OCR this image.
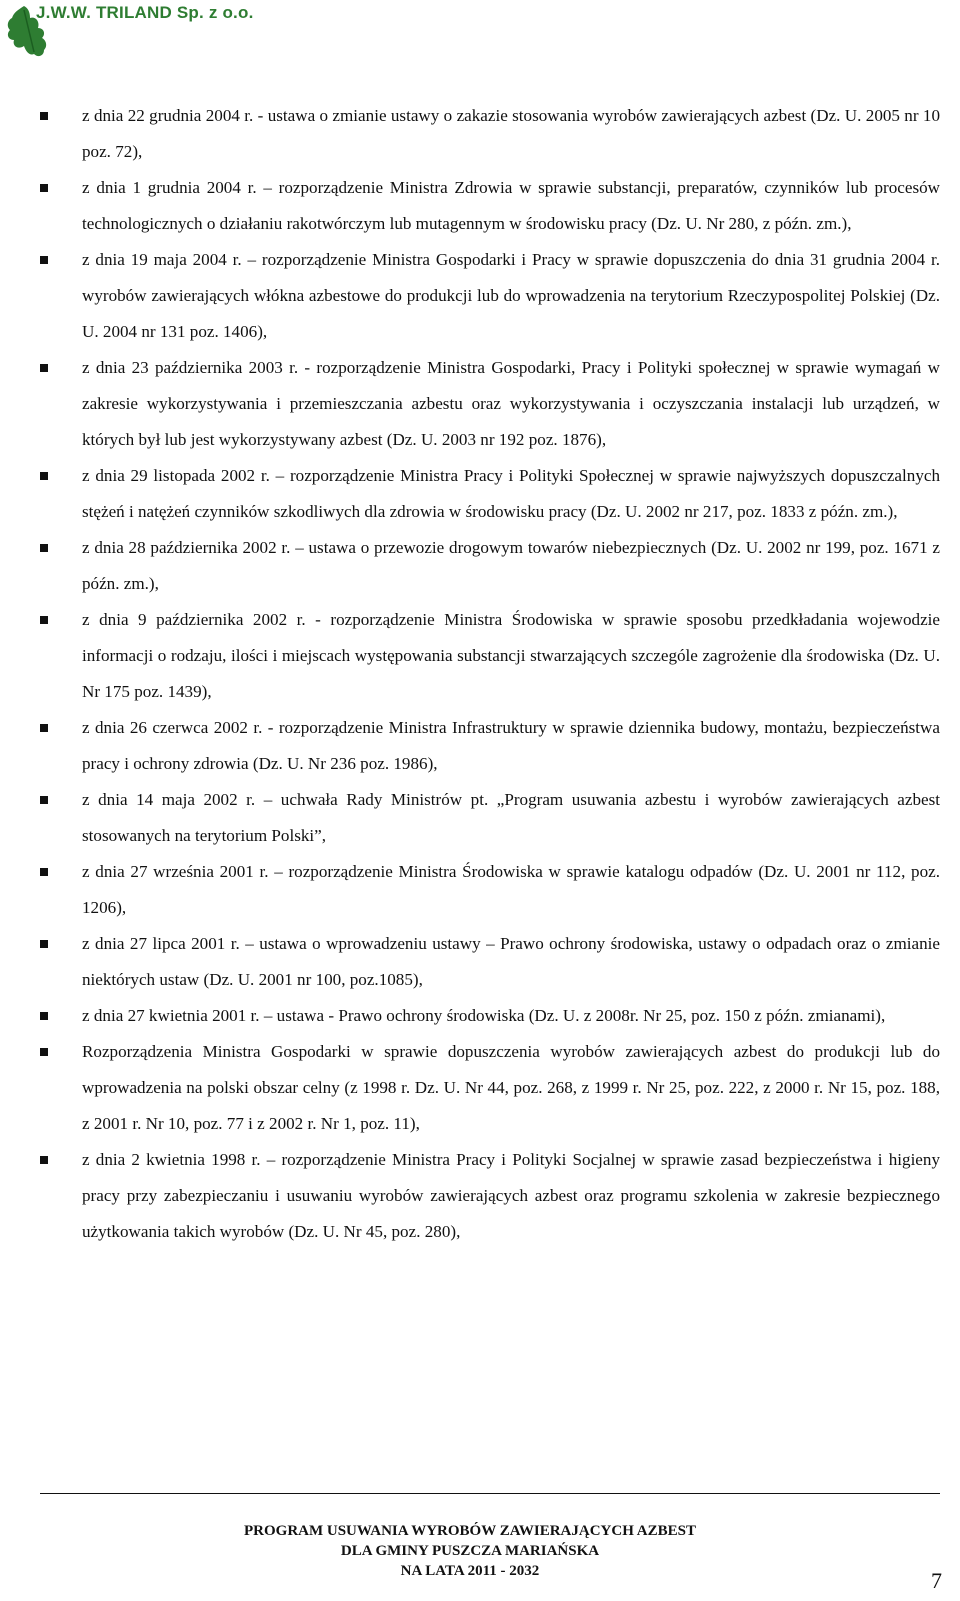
J.W.W. TRILAND Sp. z o.o.
z dnia 22 grudnia 2004 r. - ustawa o zmianie ustawy o zakazie stosowania wyrobów zawierających azbest (Dz. U. 2005 nr 10 poz. 72),
z dnia 1 grudnia 2004 r. – rozporządzenie Ministra Zdrowia w sprawie substancji, preparatów, czynników lub procesów technologicznych o działaniu rakotwórczym lub mutagennym w środowisku pracy (Dz. U. Nr 280, z późn. zm.),
z dnia 19 maja 2004 r. – rozporządzenie Ministra Gospodarki i Pracy w sprawie dopuszczenia do dnia 31 grudnia 2004 r. wyrobów zawierających włókna azbestowe do produkcji lub do wprowadzenia na terytorium Rzeczypospolitej Polskiej (Dz. U. 2004 nr 131 poz. 1406),
z dnia 23 października 2003 r. - rozporządzenie Ministra Gospodarki, Pracy i Polityki społecznej w sprawie wymagań w zakresie wykorzystywania i przemieszczania azbestu oraz wykorzystywania i oczyszczania instalacji lub urządzeń, w których był lub jest wykorzystywany azbest (Dz. U. 2003 nr 192 poz. 1876),
z dnia 29 listopada 2002 r. – rozporządzenie Ministra Pracy i Polityki Społecznej w sprawie najwyższych dopuszczalnych stężeń i natężeń czynników szkodliwych dla zdrowia w środowisku pracy (Dz. U. 2002 nr 217, poz. 1833 z późn. zm.),
z dnia 28 października 2002 r. – ustawa o przewozie drogowym towarów niebezpiecznych (Dz. U. 2002 nr 199, poz. 1671 z późn. zm.),
z dnia 9 października 2002 r. - rozporządzenie Ministra Środowiska w sprawie sposobu przedkładania wojewodzie informacji o rodzaju, ilości i miejscach występowania substancji stwarzających szczególe zagrożenie dla środowiska (Dz. U. Nr 175 poz. 1439),
z dnia 26 czerwca 2002 r. - rozporządzenie Ministra Infrastruktury w sprawie dziennika budowy, montażu, bezpieczeństwa pracy i ochrony zdrowia (Dz. U. Nr 236 poz. 1986),
z dnia 14 maja 2002 r. – uchwała Rady Ministrów pt. „Program usuwania azbestu i wyrobów zawierających azbest stosowanych na terytorium Polski”,
z dnia 27 września 2001 r. – rozporządzenie Ministra Środowiska w sprawie katalogu odpadów (Dz. U. 2001 nr 112, poz. 1206),
z dnia 27 lipca 2001 r. – ustawa o wprowadzeniu ustawy – Prawo ochrony środowiska, ustawy o odpadach oraz o zmianie niektórych ustaw (Dz. U. 2001 nr 100, poz.1085),
z dnia 27 kwietnia 2001 r. – ustawa - Prawo ochrony środowiska (Dz. U. z 2008r. Nr 25, poz. 150 z późn. zmianami),
Rozporządzenia Ministra Gospodarki w sprawie dopuszczenia wyrobów zawierających azbest do produkcji lub do wprowadzenia na polski obszar celny (z 1998 r. Dz. U. Nr 44, poz. 268, z 1999 r. Nr 25, poz. 222, z 2000 r. Nr 15, poz. 188, z 2001 r. Nr 10, poz. 77 i z 2002 r. Nr 1, poz. 11),
z dnia 2 kwietnia 1998 r. – rozporządzenie Ministra Pracy i Polityki Socjalnej w sprawie zasad bezpieczeństwa i higieny pracy przy zabezpieczaniu i usuwaniu wyrobów zawierających azbest oraz programu szkolenia w zakresie bezpiecznego użytkowania takich wyrobów (Dz. U. Nr 45, poz. 280),
PROGRAM USUWANIA WYROBÓW ZAWIERAJĄCYCH AZBEST
DLA GMINY PUSZCZA MARIAŃSKA
NA LATA 2011 - 2032	7
